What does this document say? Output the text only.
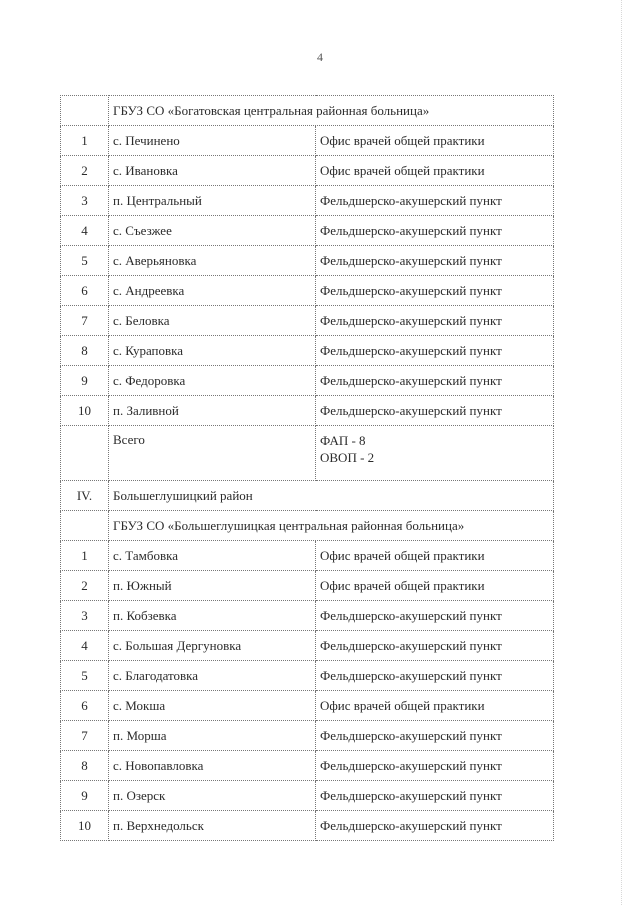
4
	ГБУЗ СО «Богатовская центральная районная больница»	
1	с. Печинено	Офис врачей общей практики
2	с. Ивановка	Офис врачей общей практики
3	п. Центральный	Фельдшерско-акушерский пункт
4	с. Съезжее	Фельдшерско-акушерский пункт
5	с. Аверьяновка	Фельдшерско-акушерский пункт
6	с. Андреевка	Фельдшерско-акушерский пункт
7	с. Беловка	Фельдшерско-акушерский пункт
8	с. Кураповка	Фельдшерско-акушерский пункт
9	с. Федоровка	Фельдшерско-акушерский пункт
10	п. Заливной	Фельдшерско-акушерский пункт
	Всего	ФАП - 8
ОВОП - 2

IV.	Большеглушицкий район	
	ГБУЗ СО «Большеглушицкая центральная районная больница»	
1	с. Тамбовка	Офис врачей общей практики
2	п. Южный	Офис врачей общей практики
3	п. Кобзевка	Фельдшерско-акушерский пункт
4	с. Большая Дергуновка	Фельдшерско-акушерский пункт
5	с. Благодатовка	Фельдшерско-акушерский пункт
6	с. Мокша	Офис врачей общей практики
7	п. Морша	Фельдшерско-акушерский пункт
8	с. Новопавловка	Фельдшерско-акушерский пункт
9	п. Озерск	Фельдшерско-акушерский пункт
10	п. Верхнедольск	Фельдшерско-акушерский пункт
